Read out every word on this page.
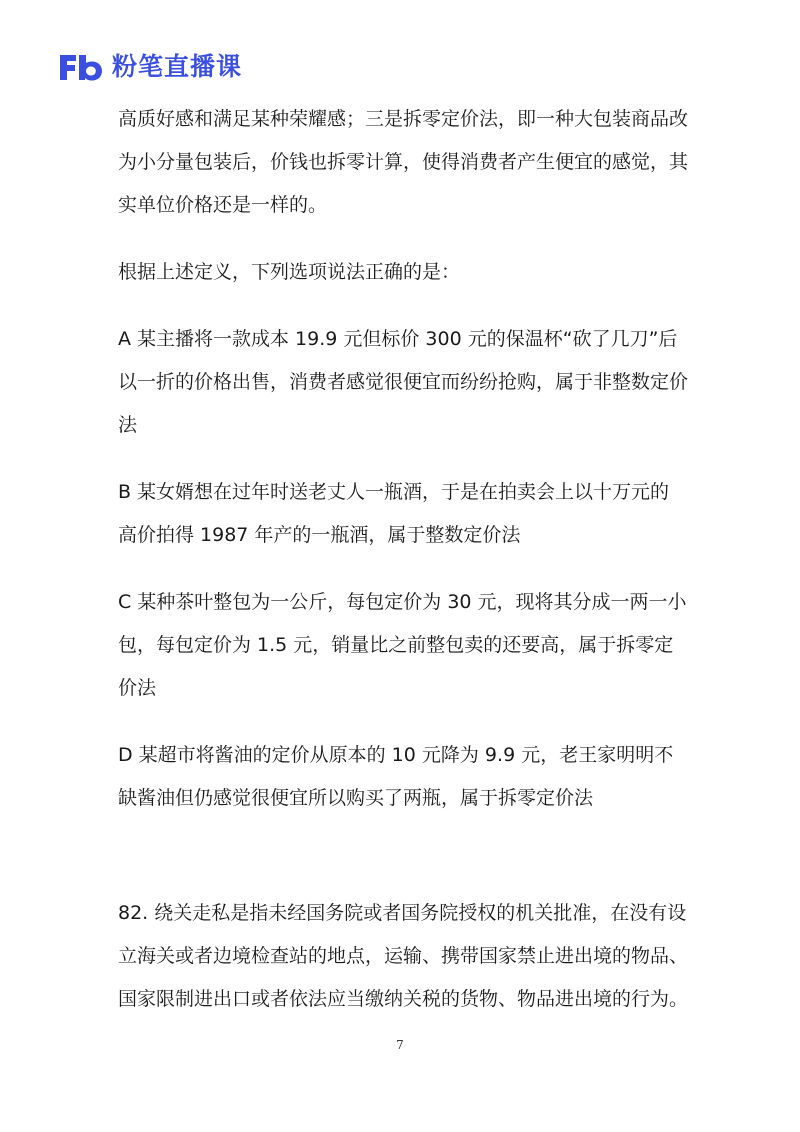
粉笔直播课

高质好感和满足某种荣耀感；三是拆零定价法，即一种大包装商品改为小分量包装后，价钱也拆零计算，使得消费者产生便宜的感觉，其实单位价格还是一样的。

根据上述定义，下列选项说法正确的是：

A 某主播将一款成本 19.9 元但标价 300 元的保温杯“砍了几刀”后以一折的价格出售，消费者感觉很便宜而纷纷抢购，属于非整数定价法

B 某女婿想在过年时送老丈人一瓶酒，于是在拍卖会上以十万元的高价拍得 1987 年产的一瓶酒，属于整数定价法

C 某种茶叶整包为一公斤，每包定价为 30 元，现将其分成一两一小包，每包定价为 1.5 元，销量比之前整包卖的还要高，属于拆零定价法

D 某超市将酱油的定价从原本的 10 元降为 9.9 元，老王家明明不缺酱油但仍感觉很便宜所以购买了两瓶，属于拆零定价法

82. 绕关走私是指未经国务院或者国务院授权的机关批准，在没有设立海关或者边境检查站的地点，运输、携带国家禁止进出境的物品、国家限制进出口或者依法应当缴纳关税的货物、物品进出境的行为。

7
